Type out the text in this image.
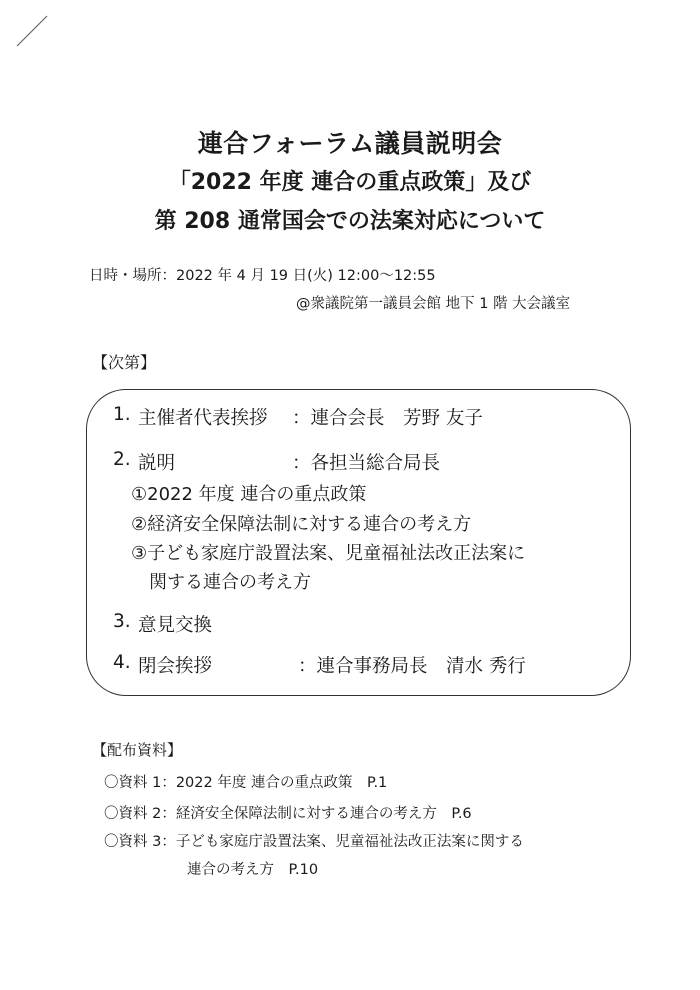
連合フォーラム議員説明会
「2022 年度 連合の重点政策」及び
第 208 通常国会での法案対応について
日時・場所：2022 年 4 月 19 日(火) 12:00～12:55
@衆議院第一議員会館 地下 1 階 大会議室
【次第】
1. 主催者代表挨拶 ：連合会長　芳野 友子
2. 説明	：各担当総合局長
①2022 年度 連合の重点政策
②経済安全保障法制に対する連合の考え方
③子ども家庭庁設置法案、児童福祉法改正法案に
関する連合の考え方
3. 意見交換
4. 閉会挨拶	：連合事務局長　清水 秀行
【配布資料】
〇資料 1：2022 年度 連合の重点政策　P.1
〇資料 2：経済安全保障法制に対する連合の考え方　P.6
〇資料 3：子ども家庭庁設置法案、児童福祉法改正法案に関する
連合の考え方　P.10
